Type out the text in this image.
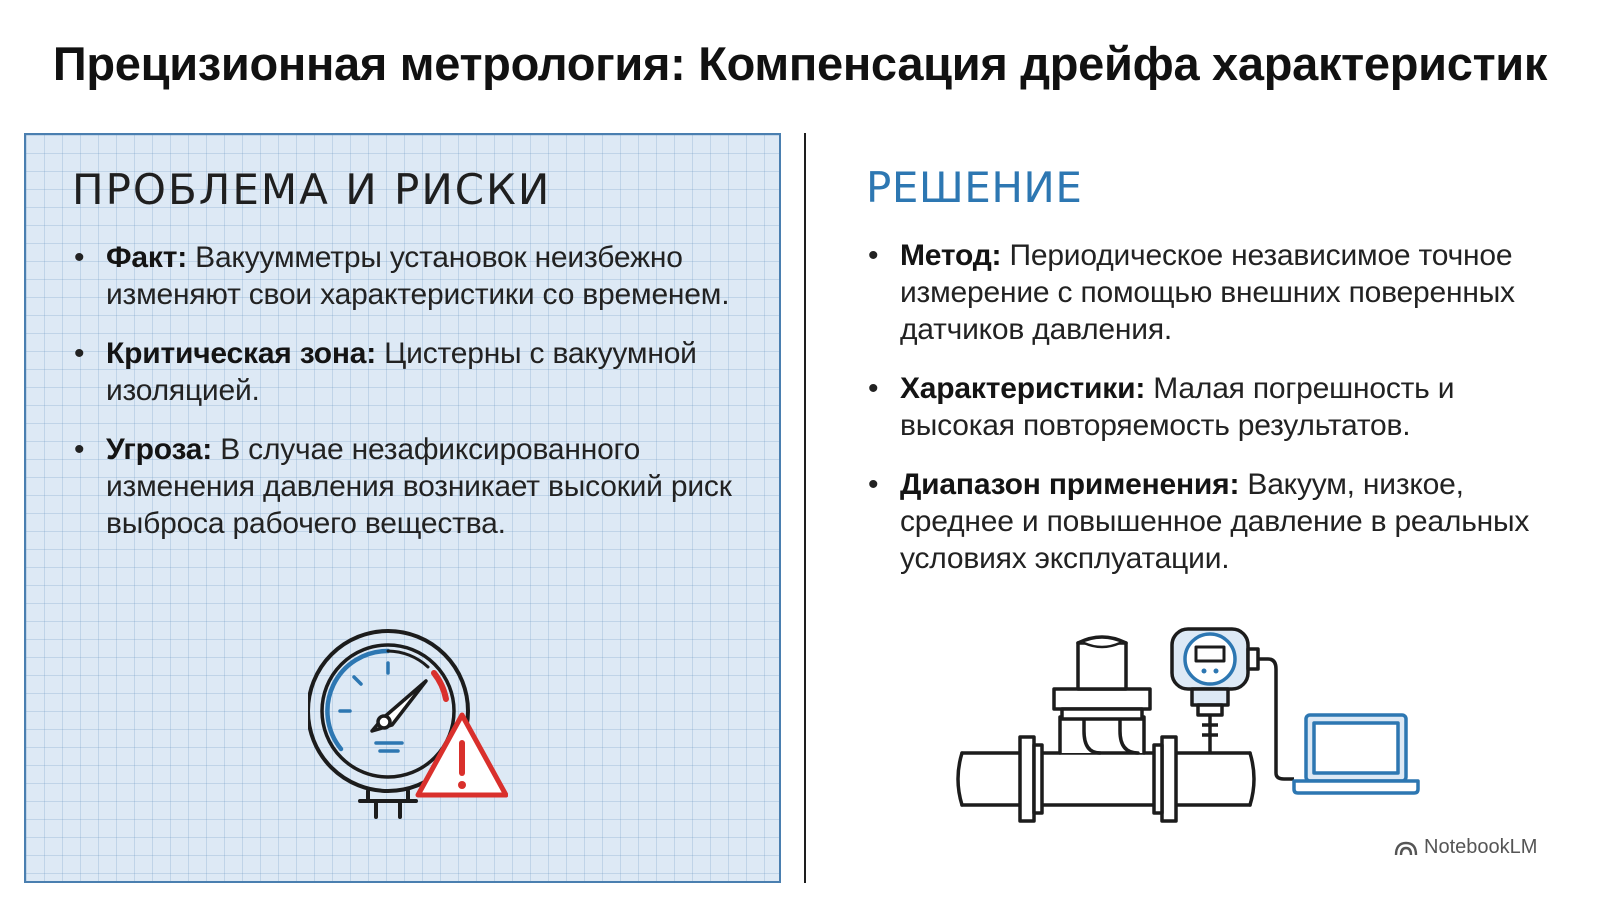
Прецизионная метрология: Компенсация дрейфа характеристик
ПРОБЛЕМА И РИСКИ
• Факт: Вакуумметры установок неизбежно изменяют свои характеристики со временем.
• Критическая зона: Цистерны с вакуумной изоляцией.
• Угроза: В случае незафиксированного изменения давления возникает высокий риск выброса рабочего вещества.
РЕШЕНИЕ
• Метод: Периодическое независимое точное измерение с помощью внешних поверенных датчиков давления.
• Характеристики: Малая погрешность и высокая повторяемость результатов.
• Диапазон применения: Вакуум, низкое, среднее и повышенное давление в реальных условиях эксплуатации.
NotebookLM
